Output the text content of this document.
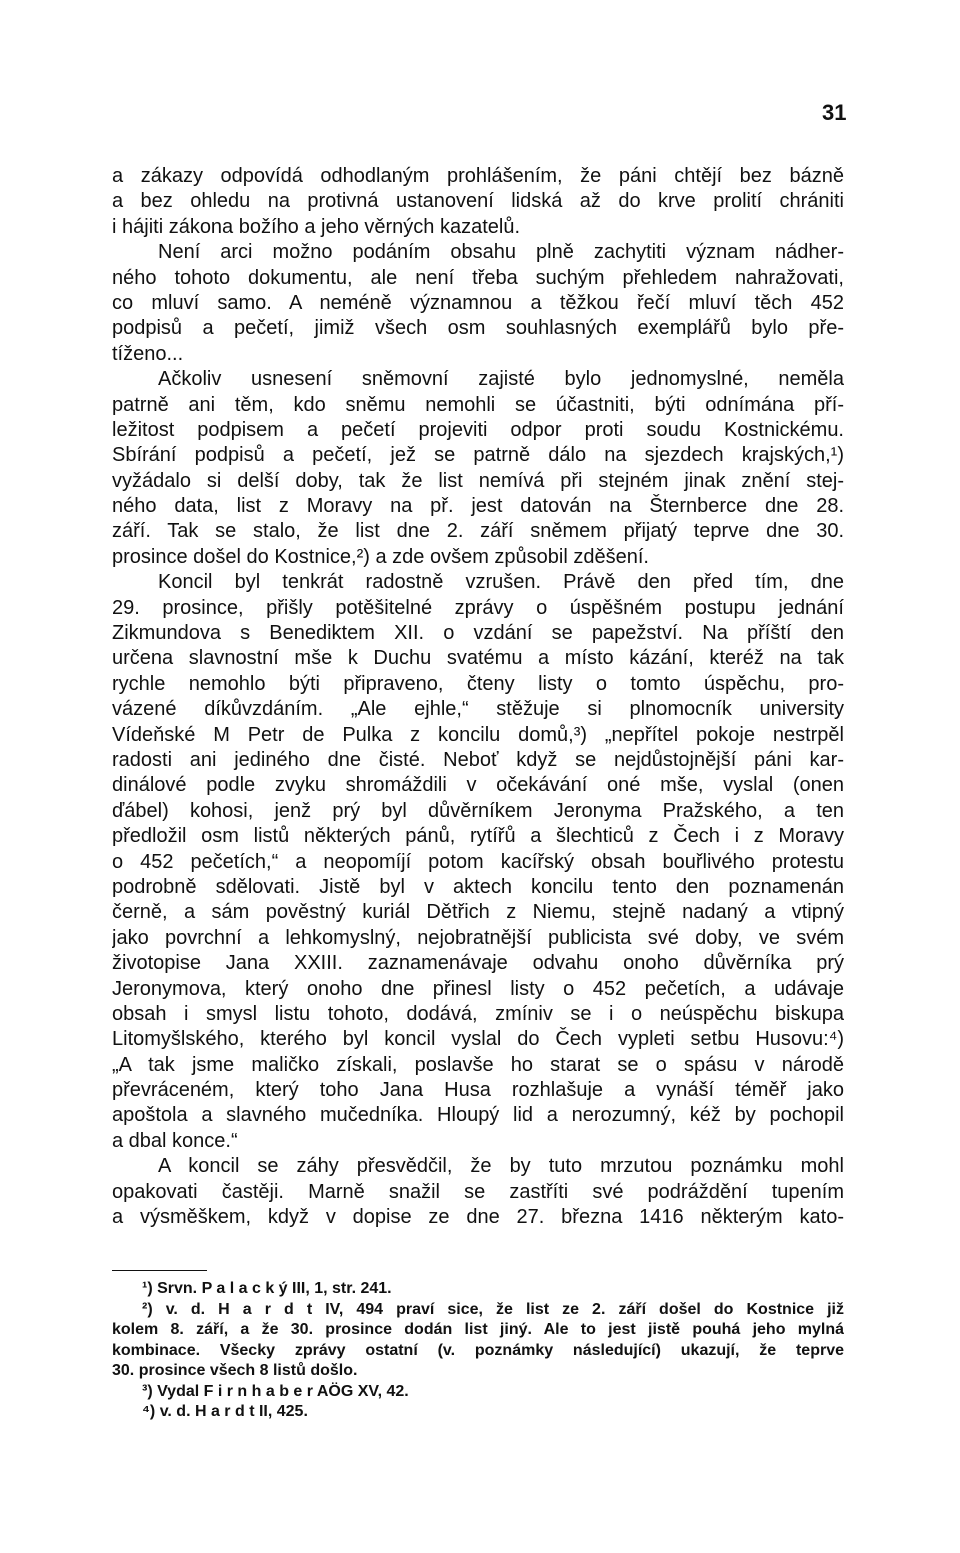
31
a zákazy odpovídá odhodlaným prohlášením, že páni chtějí bez bázně
a bez ohledu na protivná ustanovení lidská až do krve prolití chrániti
i hájiti zákona božího a jeho věrných kazatelů.
Není arci možno podáním obsahu plně zachytiti význam nádher-
ného tohoto dokumentu, ale není třeba suchým přehledem nahražovati,
co mluví samo. A neméně významnou a těžkou řečí mluví těch 452
podpisů a pečetí, jimiž všech osm souhlasných exemplářů bylo pře-
tíženo...
Ačkoliv usnesení sněmovní zajisté bylo jednomyslné, neměla
patrně ani těm, kdo sněmu nemohli se účastniti, býti odnímána pří-
ležitost podpisem a pečetí projeviti odpor proti soudu Kostnickému.
Sbírání podpisů a pečetí, jež se patrně dálo na sjezdech krajských,¹)
vyžádalo si delší doby, tak že list nemívá při stejném jinak znění stej-
ného data, list z Moravy na př. jest datován na Šternberce dne 28.
září. Tak se stalo, že list dne 2. září sněmem přijatý teprve dne 30.
prosince došel do Kostnice,²) a zde ovšem způsobil zděšení.
Koncil byl tenkrát radostně vzrušen. Právě den před tím, dne
29. prosince, přišly potěšitelné zprávy o úspěšném postupu jednání
Zikmundova s Benediktem XII. o vzdání se papežství. Na příští den
určena slavnostní mše k Duchu svatému a místo kázání, kteréž na tak
rychle nemohlo býti připraveno, čteny listy o tomto úspěchu, pro-
vázené díkůvzdáním. „Ale ejhle,“ stěžuje si plnomocník university
Vídeňské M Petr de Pulka z koncilu domů,³) „nepřítel pokoje nestrpěl
radosti ani jediného dne čisté. Neboť když se nejdůstojnější páni kar-
dinálové podle zvyku shromáždili v očekávání oné mše, vyslal (onen
ďábel) kohosi, jenž prý byl důvěrníkem Jeronyma Pražského, a ten
předložil osm listů některých pánů, rytířů a šlechticů z Čech i z Moravy
o 452 pečetích,“ a neopomíjí potom kacířský obsah bouřlivého protestu
podrobně sdělovati. Jistě byl v aktech koncilu tento den poznamenán
černě, a sám pověstný kuriál Dětřich z Niemu, stejně nadaný a vtipný
jako povrchní a lehkomyslný, nejobratnější publicista své doby, ve svém
životopise Jana XXIII. zaznamenávaje odvahu onoho důvěrníka prý
Jeronymova, který onoho dne přinesl listy o 452 pečetích, a udávaje
obsah i smysl listu tohoto, dodává, zmíniv se i o neúspěchu biskupa
Litomyšlského, kterého byl koncil vyslal do Čech vypleti setbu Husovu:⁴)
„A tak jsme maličko získali, poslavše ho starat se o spásu v národě
převráceném, který toho Jana Husa rozhlašuje a vynáší téměř jako
apoštola a slavného mučedníka. Hloupý lid a nerozumný, kéž by pochopil
a dbal konce.“
A koncil se záhy přesvědčil, že by tuto mrzutou poznámku mohl
opakovati častěji. Marně snažil se zastříti své podráždění tupením
a výsměškem, když v dopise ze dne 27. března 1416 některým kato-
¹) Srvn. P a l a c k ý III, 1, str. 241.
²) v. d. H a r d t IV, 494 praví sice, že list ze 2. září došel do Kostnice již
kolem 8. září, a že 30. prosince dodán list jiný. Ale to jest jistě pouhá jeho mylná
kombinace. Všecky zprávy ostatní (v. poznámky následující) ukazují, že teprve
30. prosince všech 8 listů došlo.
³) Vydal F i r n h a b e r AÖG XV, 42.
⁴) v. d. H a r d t II, 425.
